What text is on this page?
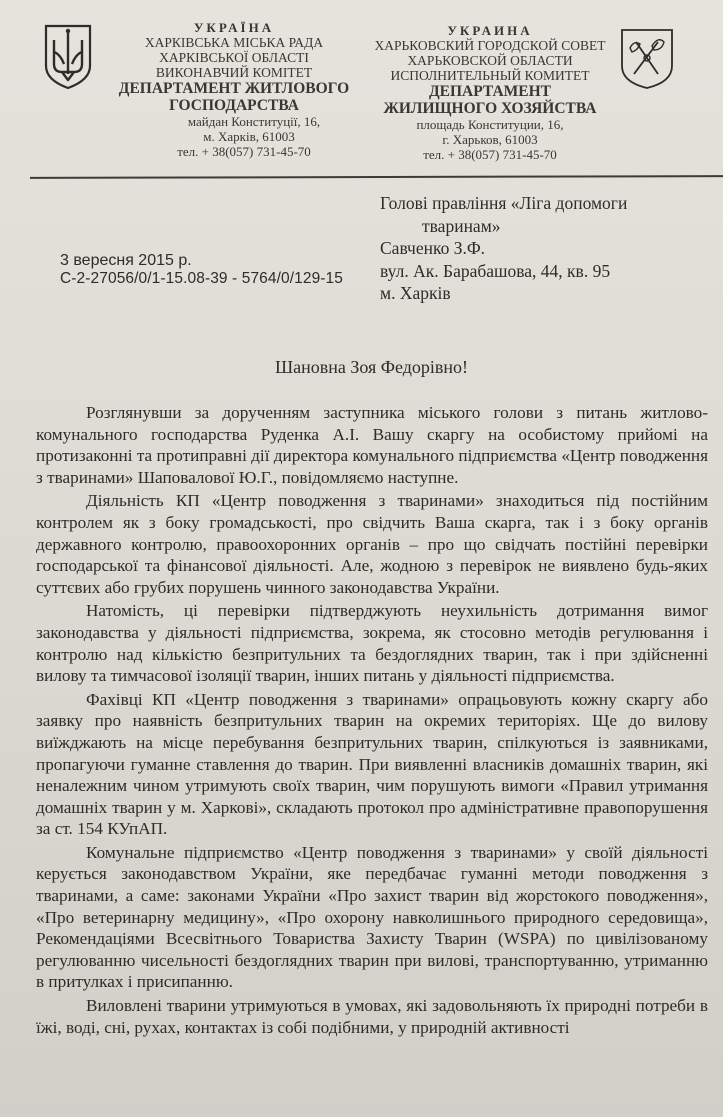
УКРАЇНА
ХАРКІВСЬКА МІСЬКА РАДА
ХАРКІВСЬКОЇ ОБЛАСТІ
ВИКОНАВЧИЙ КОМІТЕТ
ДЕПАРТАМЕНТ ЖИТЛОВОГО
ГОСПОДАРСТВА
майдан Конституції, 16,
м. Харків, 61003
тел. + 38(057) 731-45-70
УКРАИНА
ХАРЬКОВСКИЙ ГОРОДСКОЙ СОВЕТ
ХАРЬКОВСКОЙ ОБЛАСТИ
ИСПОЛНИТЕЛЬНЫЙ КОМИТЕТ
ДЕПАРТАМЕНТ
ЖИЛИЩНОГО ХОЗЯЙСТВА
площадь Конституции, 16,
г. Харьков, 61003
тел. + 38(057) 731-45-70
Голові правління «Ліга допомоги
тваринам»
Савченко З.Ф.
вул. Ак. Барабашова, 44, кв. 95
м. Харків
3 вересня 2015 р.
С-2-27056/0/1-15.08-39 - 5764/0/129-15
Шановна Зоя Федорівно!

Розглянувши за дорученням заступника міського голови з питань житлово-комунального господарства Руденка А.І. Вашу скаргу на особистому прийомі на протизаконні та протиправні дії директора комунального підприємства «Центр поводження з тваринами» Шаповалової Ю.Г., повідомляємо наступне.

Діяльність КП «Центр поводження з тваринами» знаходиться під постійним контролем як з боку громадськості, про свідчить Ваша скарга, так і з боку органів державного контролю, правоохоронних органів – про що свідчать постійні перевірки господарської та фінансової діяльності. Але, жодною з перевірок не виявлено будь-яких суттєвих або грубих порушень чинного законодавства України.

Натомість, ці перевірки підтверджують неухильність дотримання вимог законодавства у діяльності підприємства, зокрема, як стосовно методів регулювання і контролю над кількістю безпритульних та бездоглядних тварин, так і при здійсненні вилову та тимчасової ізоляції тварин, інших питань у діяльності підприємства.

Фахівці КП «Центр поводження з тваринами» опрацьовують кожну скаргу або заявку про наявність безпритульних тварин на окремих територіях. Ще до вилову виїжджають на місце перебування безпритульних тварин, спілкуються із заявниками, пропагуючи гуманне ставлення до тварин. При виявленні власників домашніх тварин, які неналежним чином утримують своїх тварин, чим порушують вимоги «Правил утримання домашніх тварин у м. Харкові», складають протокол про адміністративне правопорушення за ст. 154 КУпАП.

Комунальне підприємство «Центр поводження з тваринами» у своїй діяльності керується законодавством України, яке передбачає гуманні методи поводження з тваринами, а саме: законами України «Про захист тварин від жорстокого поводження», «Про ветеринарну медицину», «Про охорону навколишнього природного середовища», Рекомендаціями Всесвітнього Товариства Захисту Тварин (WSPA) по цивілізованому регулюванню чисельності бездоглядних тварин при вилові, транспортуванню, утриманню в притулках і присипанню.

Виловлені тварини утримуються в умовах, які задовольняють їх природні потреби в їжі, воді, сні, рухах, контактах із собі подібними, у природній активності
